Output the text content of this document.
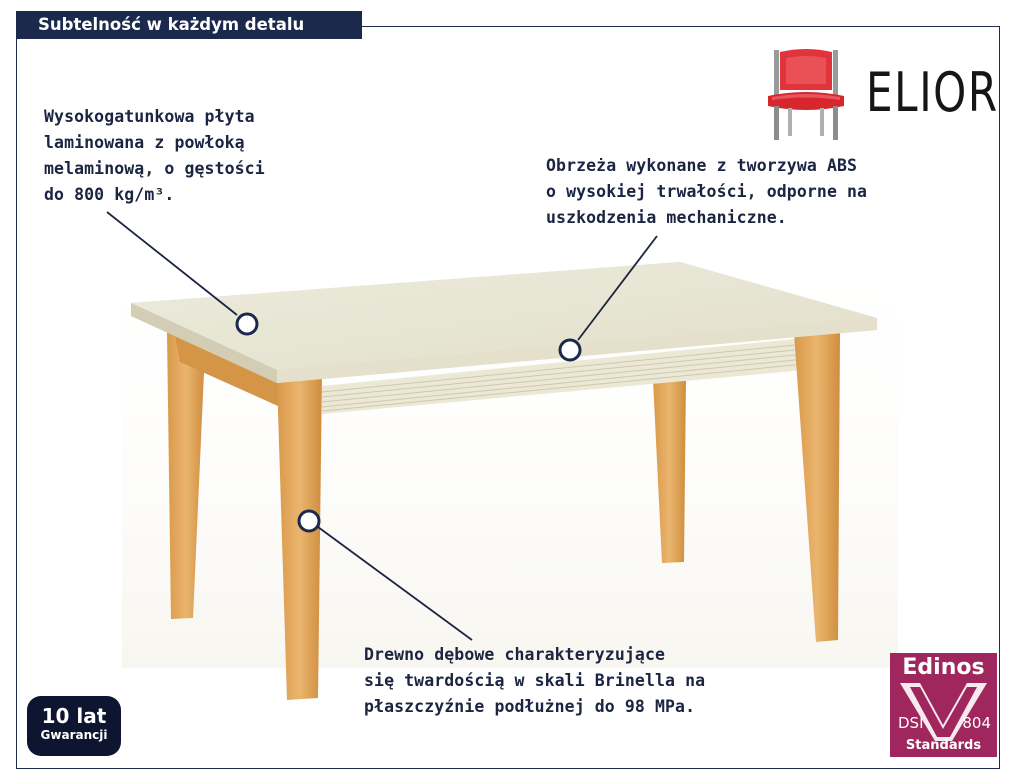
Subtelność w każdym detalu
Wysokogatunkowa płyta
laminowana z powłoką
melaminową, o gęstości
do 800 kg/m³.
Obrzeża wykonane z tworzywa ABS
o wysokiej trwałości, odporne na
uszkodzenia mechaniczne.
Drewno dębowe charakteryzujące
się twardością w skali Brinella na
płaszczyźnie podłużnej do 98 MPa.
ELIOR
10 lat
Gwarancji
Edinos
DSI	804
Standards
